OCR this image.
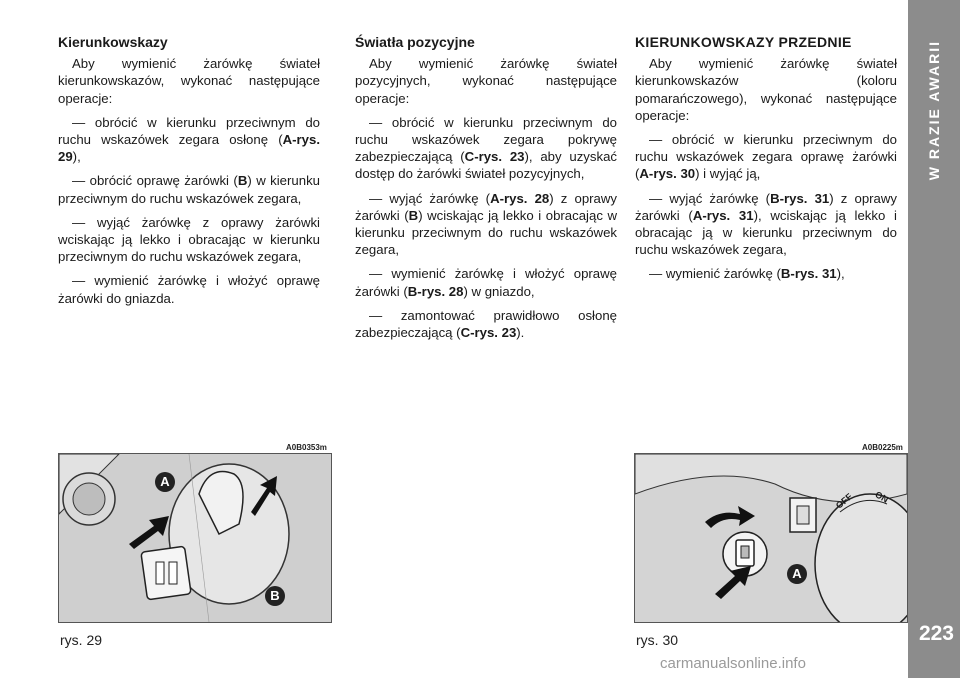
W RAZIE AWARII
223
Kierunkowskazy

Aby wymienić żarówkę świateł kierunkowskazów, wykonać następujące operacje:

— obrócić w kierunku przeciwnym do ruchu wskazówek zegara osłonę (A-rys. 29),

— obrócić oprawę żarówki (B) w kierunku przeciwnym do ruchu wskazówek zegara,

— wyjąć żarówkę z oprawy żarówki wciskając ją lekko i obracając w kierunku przeciwnym do ruchu wskazówek zegara,

— wymienić żarówkę i włożyć oprawę żarówki do gniazda.

Światła pozycyjne

Aby wymienić żarówkę świateł pozycyjnych, wykonać następujące operacje:

— obrócić w kierunku przeciwnym do ruchu wskazówek zegara pokrywę zabezpieczającą (C-rys. 23), aby uzyskać dostęp do żarówki świateł pozycyjnych,

— wyjąć żarówkę (A-rys. 28) z oprawy żarówki (B) wciskając ją lekko i obracając w kierunku przeciwnym do ruchu wskazówek zegara,

— wymienić żarówkę i włożyć oprawę żarówki (B-rys. 28) w gniazdo,

— zamontować prawidłowo osłonę zabezpieczającą (C-rys. 23).

KIERUNKOWSKAZY PRZEDNIE

Aby wymienić żarówkę świateł kierunkowskazów (koloru pomarańczowego), wykonać następujące operacje:

— obrócić w kierunku przeciwnym do ruchu wskazówek zegara oprawę żarówki (A-rys. 30) i wyjąć ją,

— wyjąć żarówkę (B-rys. 31) z oprawy żarówki (A-rys. 31), wciskając ją lekko i obracając ją w kierunku przeciwnym do ruchu wskazówek zegara,

— wymienić żarówkę (B-rys. 31),

A0B0353m
A
B
rys. 29
A0B0225m
OFF ON
A
rys. 30
carmanualsonline.info
